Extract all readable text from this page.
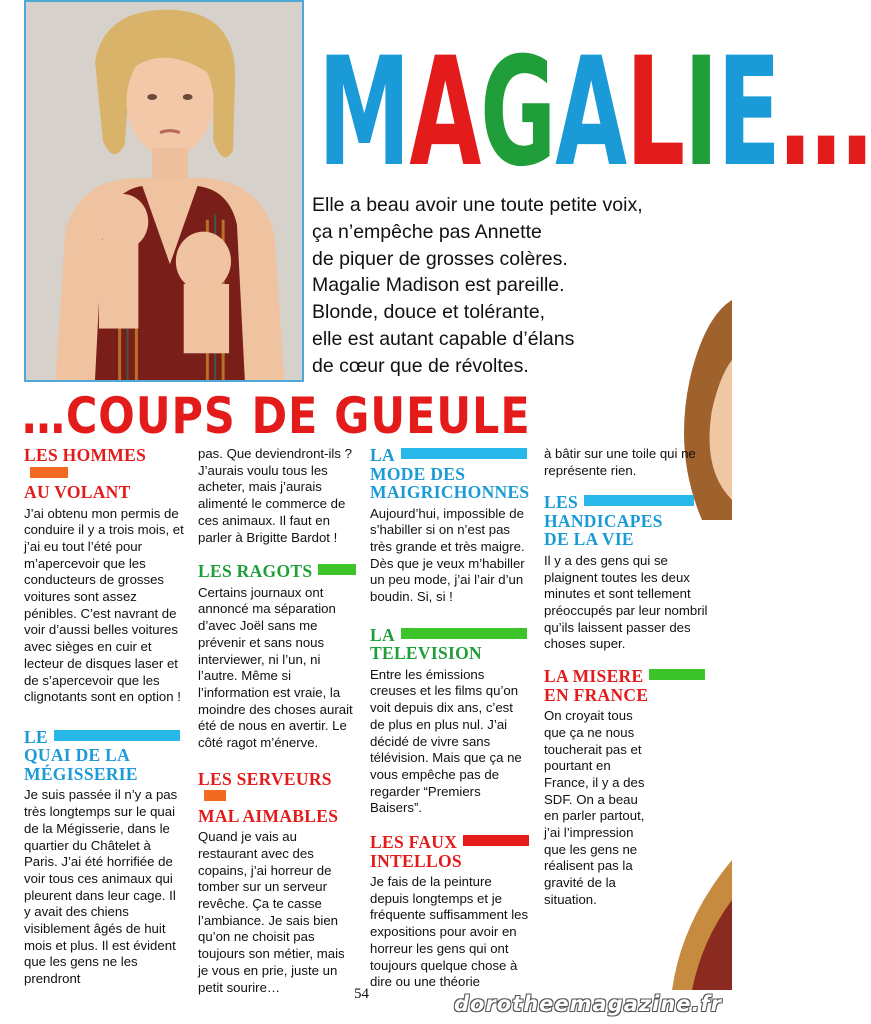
MAGALIE…
Elle a beau avoir une toute petite voix,
ça n’empêche pas Annette
de piquer de grosses colères.
Magalie Madison est pareille.
Blonde, douce et tolérante,
elle est autant capable d’élans
de cœur que de révoltes.
…COUPS DE GUEULE
LES HOMMES
AU VOLANT
J’ai obtenu mon permis de conduire il y a trois mois, et j’ai eu tout l’été pour m’apercevoir que les conducteurs de grosses voitures sont assez pénibles. C’est navrant de voir d’aussi belles voitures avec sièges en cuir et lecteur de disques laser et de s’apercevoir que les clignotants sont en option !
LE
QUAI DE LA
MÉGISSERIE
Je suis passée il n’y a pas très longtemps sur le quai de la Mégisserie, dans le quartier du Châtelet à Paris. J’ai été horrifiée de voir tous ces animaux qui pleurent dans leur cage. Il y avait des chiens visiblement âgés de huit mois et plus. Il est évident que les gens ne les prendront
pas. Que deviendront-ils ? J’aurais voulu tous les acheter, mais j’aurais alimenté le commerce de ces animaux. Il faut en parler à Brigitte Bardot !
LES RAGOTS
Certains journaux ont annoncé ma séparation d’avec Joël sans me prévenir et sans nous interviewer, ni l’un, ni l’autre. Même si l’information est vraie, la moindre des choses aurait été de nous en avertir. Le côté ragot m’énerve.
LES SERVEURS
MAL AIMABLES
Quand je vais au restaurant avec des copains, j’ai horreur de tomber sur un serveur revêche. Ça te casse l’ambiance. Je sais bien qu’on ne choisit pas toujours son métier, mais je vous en prie, juste un petit sourire…
LA
MODE DES
MAIGRICHONNES
Aujourd’hui, impossible de s’habiller si on n’est pas très grande et très maigre. Dès que je veux m’habiller un peu mode, j’ai l’air d’un boudin. Si, si !
LA
TELEVISION
Entre les émissions creuses et les films qu’on voit depuis dix ans, c’est de plus en plus nul. J’ai décidé de vivre sans télévision. Mais que ça ne vous empêche pas de regarder “Premiers Baisers”.
LES FAUX
INTELLOS
Je fais de la peinture depuis longtemps et je fréquente suffisamment les expositions pour avoir en horreur les gens qui ont toujours quelque chose à dire ou une théorie
à bâtir sur une toile qui ne représente rien.
LES
HANDICAPES
DE LA VIE
Il y a des gens qui se plaignent toutes les deux minutes et sont tellement préoccupés par leur nombril qu’ils laissent passer des choses super.
LA MISERE
EN FRANCE
On croyait tous que ça ne nous toucherait pas et pourtant en France, il y a des SDF. On a beau en parler partout, j’ai l’impression que les gens ne réalisent pas la gravité de la situation.
54	dorotheemagazine.fr
